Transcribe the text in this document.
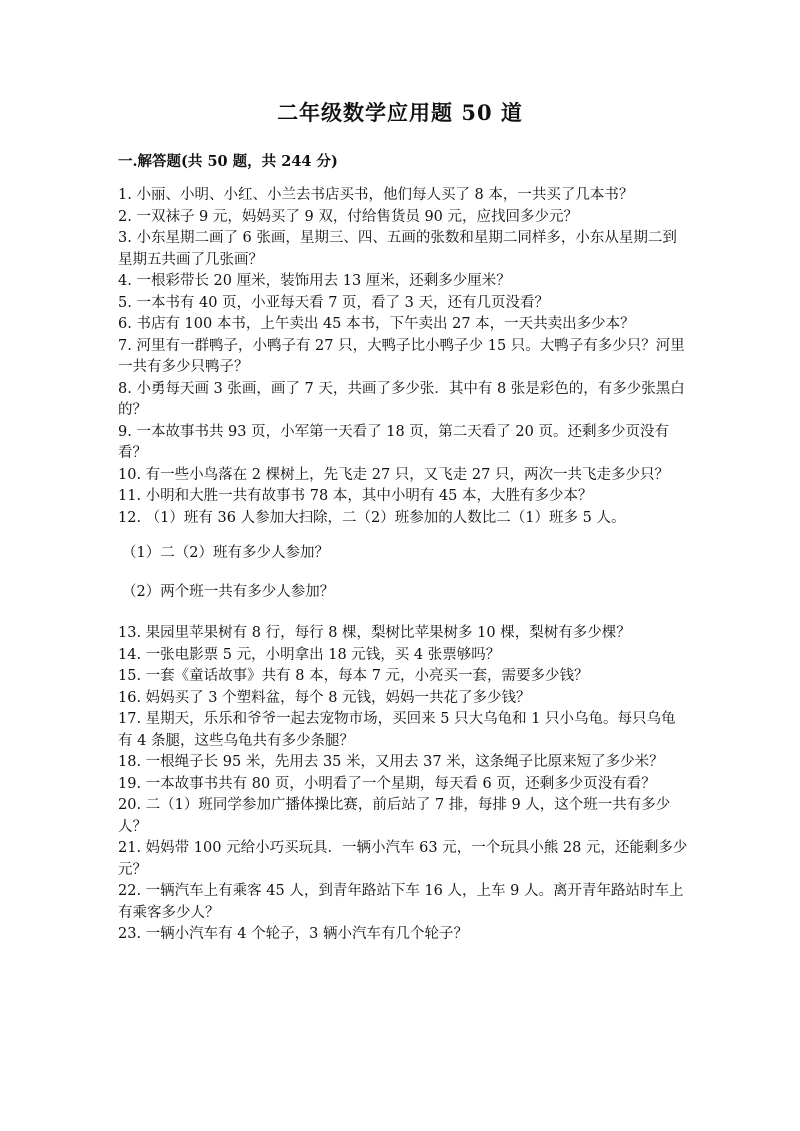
二年级数学应用题 50 道
一.解答题(共 50 题，共 244 分)

1. 小丽、小明、小红、小兰去书店买书，他们每人买了 8 本，一共买了几本书？

2. 一双袜子 9 元，妈妈买了 9 双，付给售货员 90 元，应找回多少元？

3. 小东星期二画了 6 张画，星期三、四、五画的张数和星期二同样多，小东从星期二到星期五共画了几张画？

4. 一根彩带长 20 厘米，装饰用去 13 厘米，还剩多少厘米？

5. 一本书有 40 页，小亚每天看 7 页，看了 3 天，还有几页没看？

6. 书店有 100 本书，上午卖出 45 本书，下午卖出 27 本，一天共卖出多少本？

7. 河里有一群鸭子，小鸭子有 27 只，大鸭子比小鸭子少 15 只。大鸭子有多少只？河里一共有多少只鸭子？

8. 小勇每天画 3 张画，画了 7 天，共画了多少张．其中有 8 张是彩色的，有多少张黑白的？

9. 一本故事书共 93 页，小军第一天看了 18 页，第二天看了 20 页。还剩多少页没有看？

10. 有一些小鸟落在 2 棵树上，先飞走 27 只，又飞走 27 只，两次一共飞走多少只？

11. 小明和大胜一共有故事书 78 本，其中小明有 45 本，大胜有多少本？

12. （1）班有 36 人参加大扫除，二（2）班参加的人数比二（1）班多 5 人。

（1）二（2）班有多少人参加？

（2）两个班一共有多少人参加？

13. 果园里苹果树有 8 行，每行 8 棵，梨树比苹果树多 10 棵，梨树有多少棵？

14. 一张电影票 5 元，小明拿出 18 元钱，买 4 张票够吗？

15. 一套《童话故事》共有 8 本，每本 7 元，小亮买一套，需要多少钱？

16. 妈妈买了 3 个塑料盆，每个 8 元钱，妈妈一共花了多少钱？

17. 星期天，乐乐和爷爷一起去宠物市场，买回来 5 只大乌龟和 1 只小乌龟。每只乌龟有 4 条腿，这些乌龟共有多少条腿？

18. 一根绳子长 95 米，先用去 35 米，又用去 37 米，这条绳子比原来短了多少米？

19. 一本故事书共有 80 页，小明看了一个星期，每天看 6 页，还剩多少页没有看？

20. 二（1）班同学参加广播体操比赛，前后站了 7 排，每排 9 人，这个班一共有多少人？

21. 妈妈带 100 元给小巧买玩具．一辆小汽车 63 元，一个玩具小熊 28 元，还能剩多少元？

22. 一辆汽车上有乘客 45 人，到青年路站下车 16 人，上车 9 人。离开青年路站时车上有乘客多少人？

23. 一辆小汽车有 4 个轮子，3 辆小汽车有几个轮子？
